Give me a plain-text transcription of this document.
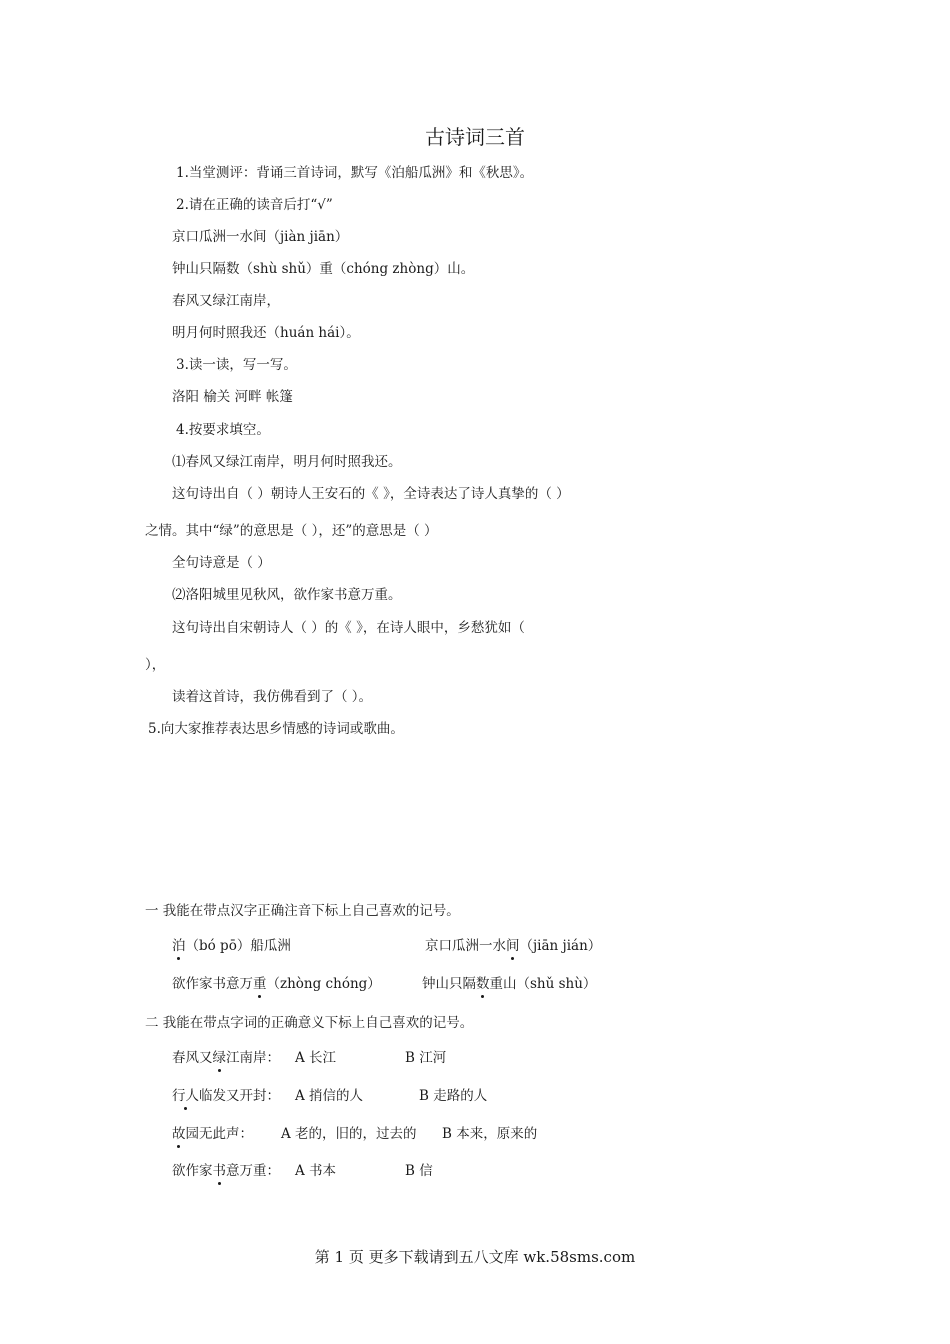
古诗词三首
1.当堂测评：背诵三首诗词，默写《泊船瓜洲》和《秋思》。
2.请在正确的读音后打“√”
京口瓜洲一水间（jiàn jiān）
钟山只隔数（shù shǔ）重（chóng zhòng）山。
春风又绿江南岸，
明月何时照我还（huán hái）。
3.读一读，写一写。
洛阳 榆关 河畔 帐篷
4.按要求填空。
⑴春风又绿江南岸，明月何时照我还。
这句诗出自（ ）朝诗人王安石的《 》，全诗表达了诗人真挚的（ ）
之情。其中“绿”的意思是（ ），还”的意思是（ ）
全句诗意是（ ）
⑵洛阳城里见秋风，欲作家书意万重。
这句诗出自宋朝诗人（ ）的《 》，在诗人眼中，乡愁犹如（
），
读着这首诗，我仿佛看到了（ ）。
5.向大家推荐表达思乡情感的诗词或歌曲。
一 我能在带点汉字正确注音下标上自己喜欢的记号。
泊（bó pō）船瓜洲	京口瓜洲一水间（jiān jián）
欲作家书意万重（zhòng chóng）	钟山只隔数重山（shǔ shù）
二 我能在带点字词的正确意义下标上自己喜欢的记号。
春风又绿江南岸： A 长江	B 江河
行人临发又开封： A 捎信的人	B 走路的人
故园无此声： A 老的，旧的，过去的 B 本来，原来的
欲作家书意万重： A 书本	B 信
第 1 页 更多下载请到五八文库 wk.58sms.com
